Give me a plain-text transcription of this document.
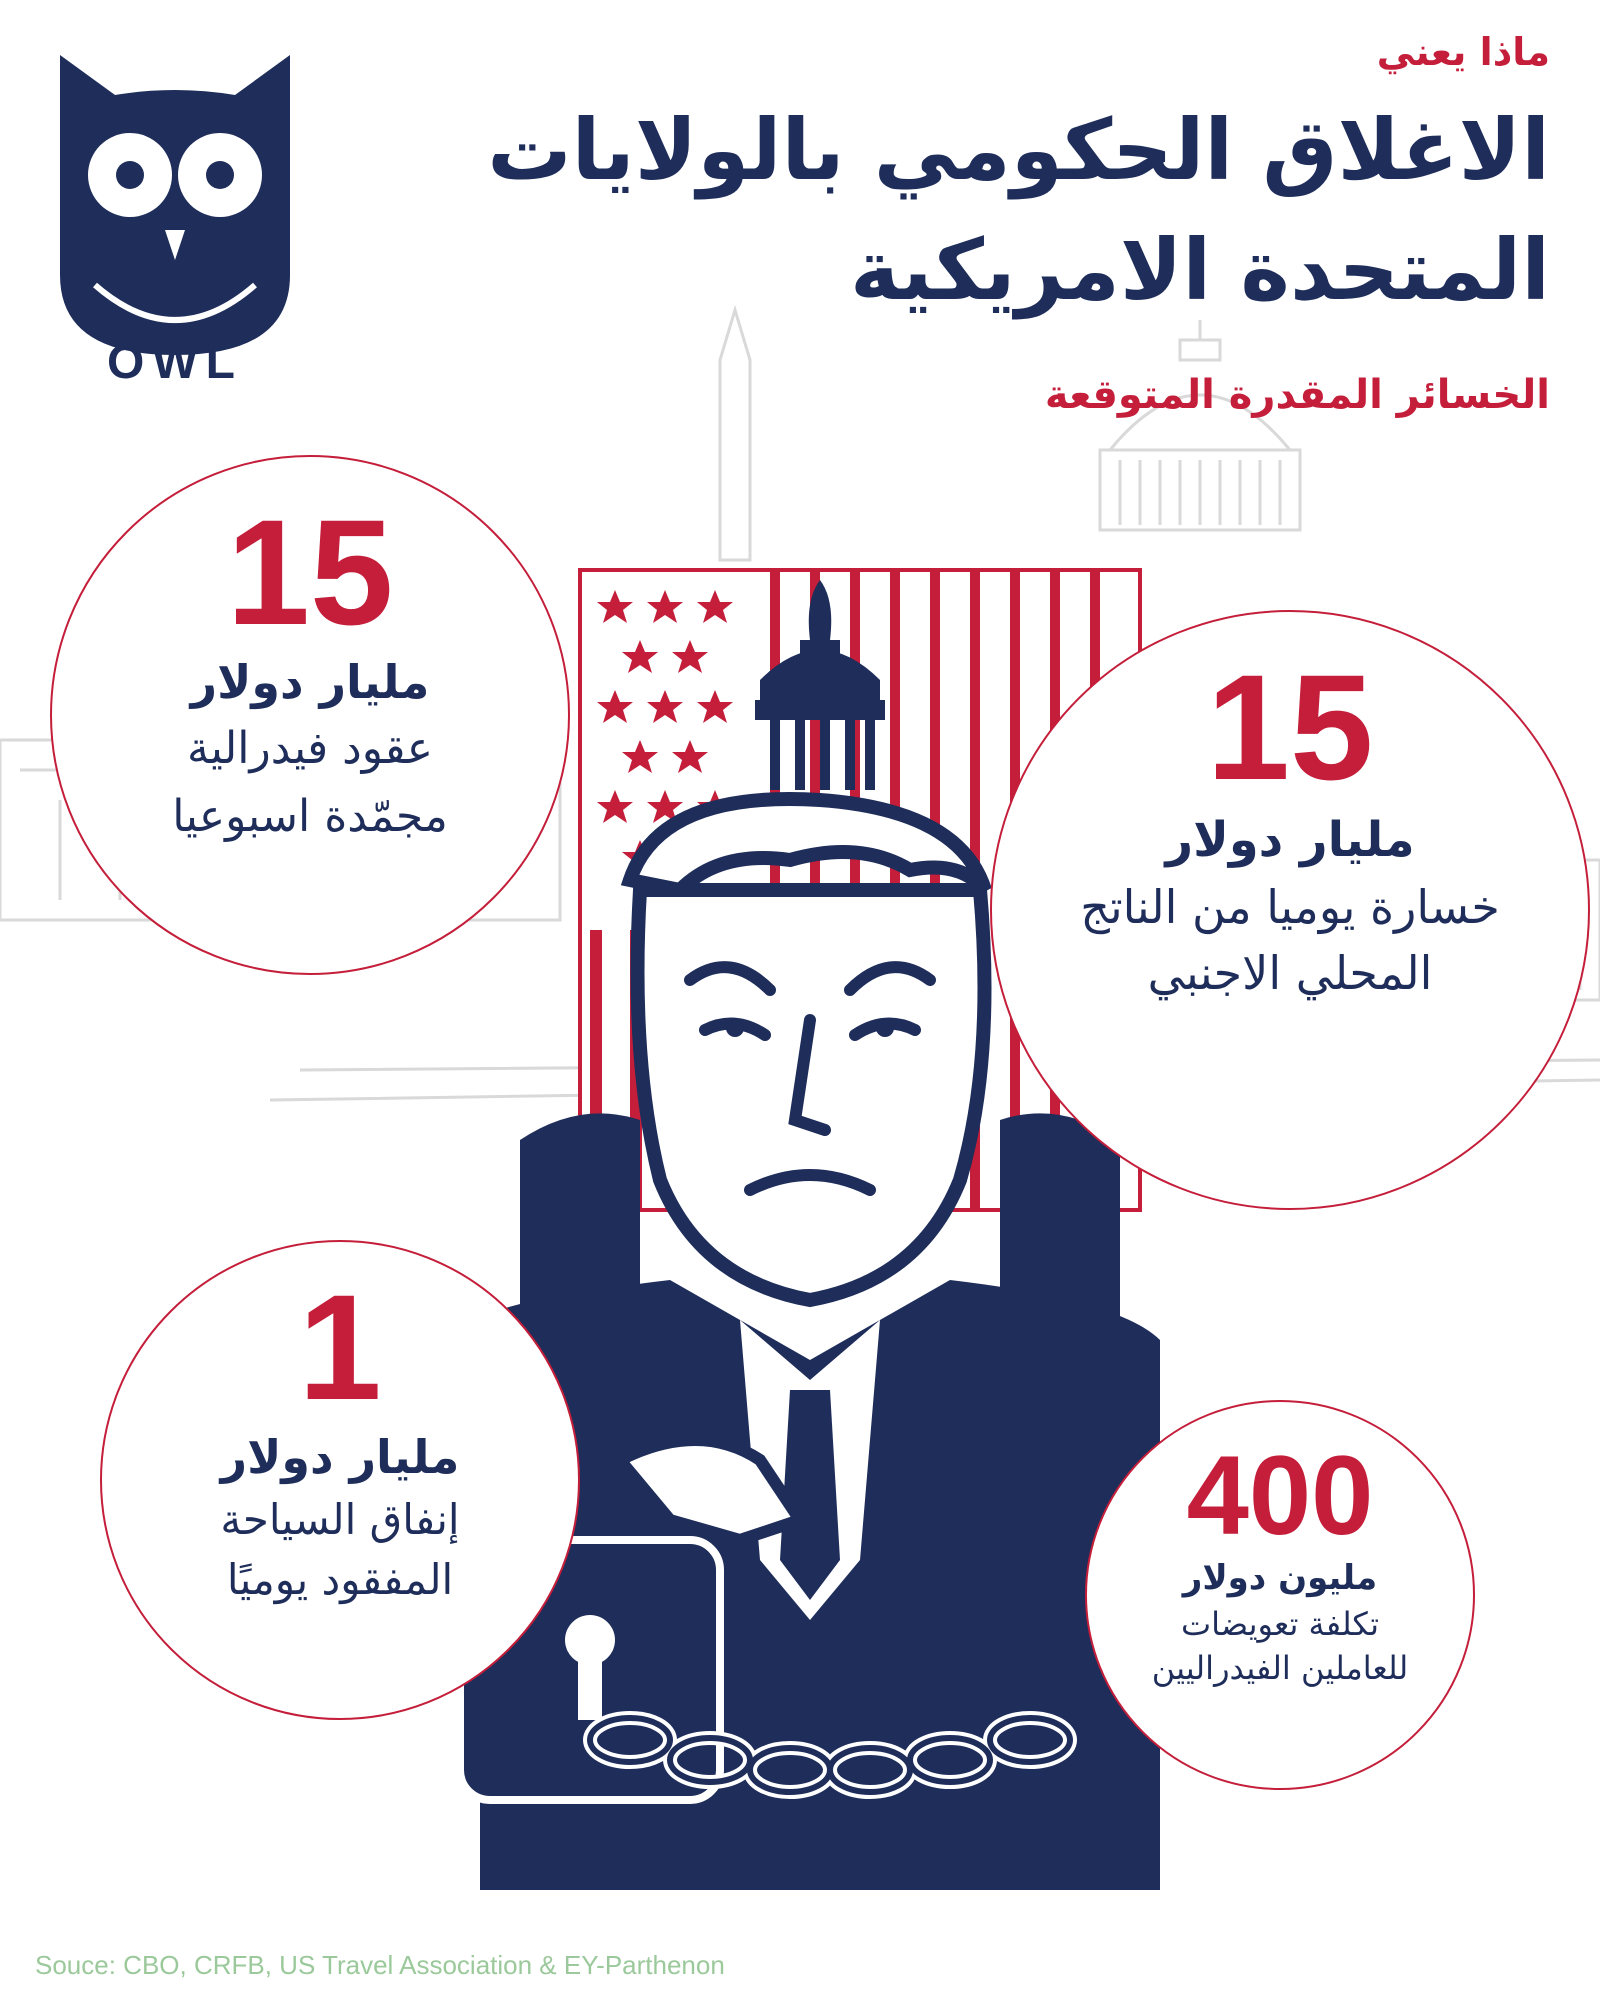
OWL
ماذا يعني
الاغلاق الحكومي بالولايات المتحدة الامريكية
الخسائر المقدرة المتوقعة
15
مليار دولار
عقود فيدرالية مجمّدة اسبوعيا
15
مليار دولار
خسارة يوميا من الناتج المحلي الاجنبي
1
مليار دولار
إنفاق السياحة المفقود يوميًا
400
مليون دولار
تكلفة تعويضات للعاملين الفيدراليين
Souce: CBO, CRFB, US Travel Association & EY-Parthenon
